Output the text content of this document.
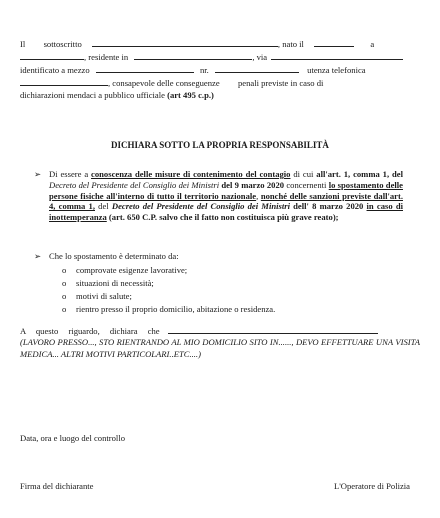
Il sottoscritto	, nato il	a
, residente in	, via
identificato a mezzo	nr.	utenza telefonica
, consapevole delle conseguenze penali previste in caso di
dichiarazioni mendaci a pubblico ufficiale (art 495 c.p.)
DICHIARA SOTTO LA PROPRIA RESPONSABILITÀ
➢ Di essere a conoscenza delle misure di contenimento del contagio di cui all'art. 1, comma 1, del Decreto del Presidente del Consiglio dei Ministri del 9 marzo 2020 concernenti lo spostamento delle persone fisiche all'interno di tutto il territorio nazionale, nonché delle sanzioni previste dall'art. 4, comma 1, del Decreto del Presidente del Consiglio dei Ministri dell' 8 marzo 2020 in caso di inottemperanza (art. 650 C.P. salvo che il fatto non costituisca più grave reato);
➢ Che lo spostamento è determinato da:
o comprovate esigenze lavorative;
o situazioni di necessità;
o motivi di salute;
o rientro presso il proprio domicilio, abitazione o residenza.
A questo riguardo, dichiara che
(LAVORO PRESSO..., STO RIENTRANDO AL MIO DOMICILIO SITO IN......, DEVO EFFETTUARE UNA VISITA MEDICA... ALTRI MOTIVI PARTICOLARI..ETC....)
Data, ora e luogo del controllo
Firma del dichiarante	L'Operatore di Polizia
